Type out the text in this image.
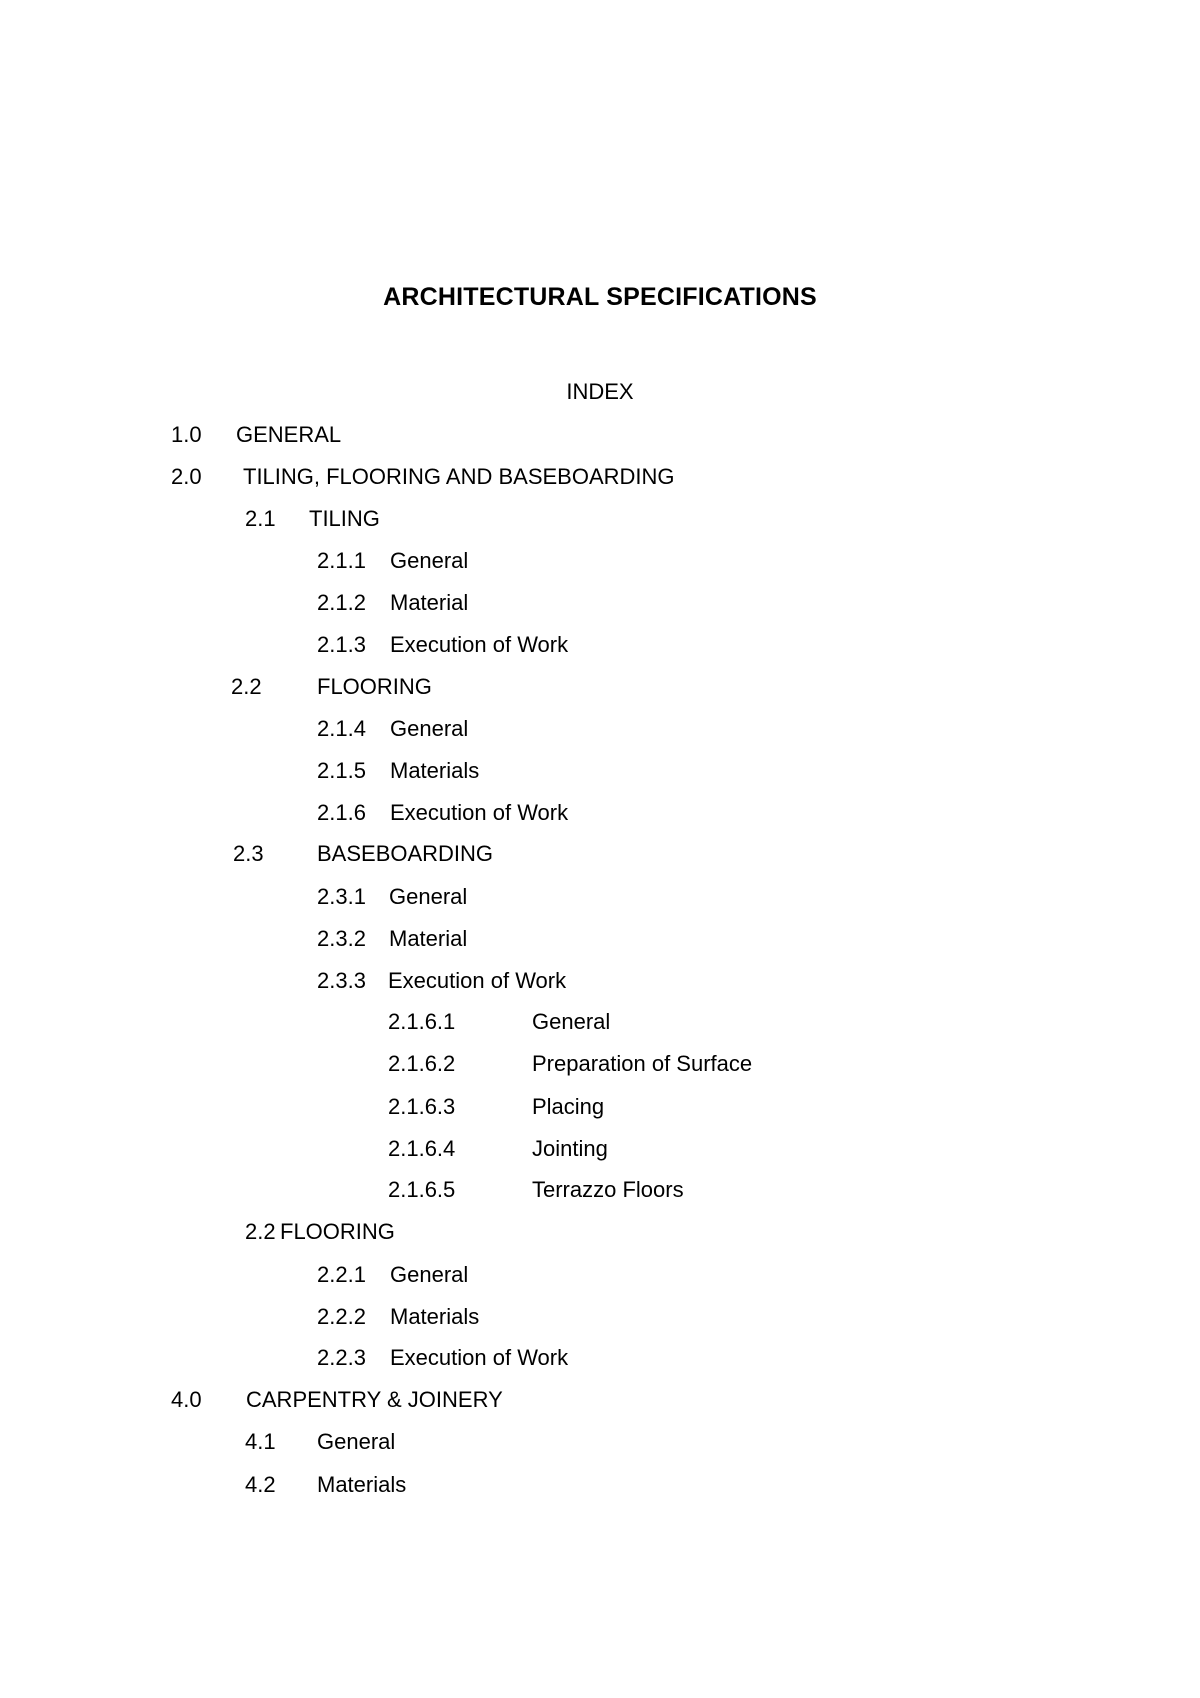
ARCHITECTURAL SPECIFICATIONS
INDEX
1.0 GENERAL
2.0 TILING, FLOORING AND BASEBOARDING
2.1 TILING
2.1.1 General
2.1.2 Material
2.1.3 Execution of Work
2.2	FLOORING
2.1.4 General
2.1.5 Materials
2.1.6 Execution of Work
2.3 BASEBOARDING
2.3.1 General
2.3.2 Material
2.3.3 Execution of Work
2.1.6.1	General
2.1.6.2	Preparation of Surface
2.1.6.3	Placing
2.1.6.4	Jointing
2.1.6.5	Terrazzo Floors
2.2 FLOORING
2.2.1 General
2.2.2 Materials
2.2.3 Execution of Work
4.0 CARPENTRY & JOINERY
4.1 General
4.2 Materials
